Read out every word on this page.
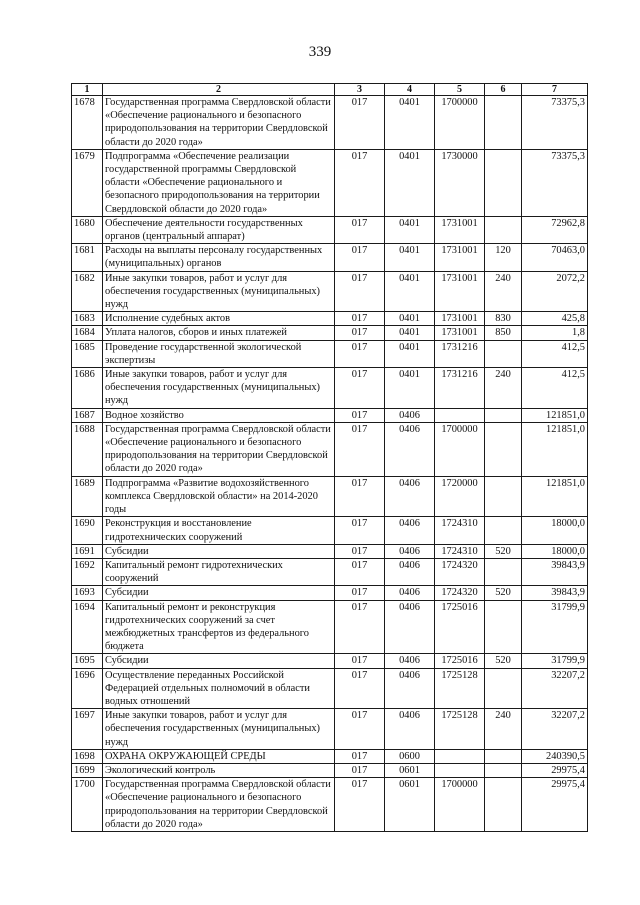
339
1	2	3	4	5	6	7
1678	Государственная программа Свердловской области «Обеспечение рационального и безопасного природопользования на территории Свердловской области до 2020 года»	017	0401	1700000		73375,3
1679	Подпрограмма «Обеспечение реализации государственной программы Свердловской области «Обеспечение рационального и безопасного природопользования на территории Свердловской области до 2020 года»	017	0401	1730000		73375,3
1680	Обеспечение деятельности государственных органов (центральный аппарат)	017	0401	1731001		72962,8
1681	Расходы на выплаты персоналу государственных (муниципальных) органов	017	0401	1731001	120	70463,0
1682	Иные закупки товаров, работ и услуг для обеспечения государственных (муниципальных) нужд	017	0401	1731001	240	2072,2
1683	Исполнение судебных актов	017	0401	1731001	830	425,8
1684	Уплата налогов, сборов и иных платежей	017	0401	1731001	850	1,8
1685	Проведение государственной экологической экспертизы	017	0401	1731216		412,5
1686	Иные закупки товаров, работ и услуг для обеспечения государственных (муниципальных) нужд	017	0401	1731216	240	412,5
1687	Водное хозяйство	017	0406			121851,0
1688	Государственная программа Свердловской области «Обеспечение рационального и безопасного природопользования на территории Свердловской области до 2020 года»	017	0406	1700000		121851,0
1689	Подпрограмма «Развитие водохозяйственного комплекса Свердловской области» на 2014-2020 годы	017	0406	1720000		121851,0
1690	Реконструкция и восстановление гидротехнических сооружений	017	0406	1724310		18000,0
1691	Субсидии	017	0406	1724310	520	18000,0
1692	Капитальный ремонт гидротехнических сооружений	017	0406	1724320		39843,9
1693	Субсидии	017	0406	1724320	520	39843,9
1694	Капитальный ремонт и реконструкция гидротехнических сооружений за счет межбюджетных трансфертов из федерального бюджета	017	0406	1725016		31799,9
1695	Субсидии	017	0406	1725016	520	31799,9
1696	Осуществление переданных Российской Федерацией отдельных полномочий в области водных отношений	017	0406	1725128		32207,2
1697	Иные закупки товаров, работ и услуг для обеспечения государственных (муниципальных) нужд	017	0406	1725128	240	32207,2
1698	ОХРАНА ОКРУЖАЮЩЕЙ СРЕДЫ	017	0600			240390,5
1699	Экологический контроль	017	0601			29975,4
1700	Государственная программа Свердловской области «Обеспечение рационального и безопасного природопользования на территории Свердловской области до 2020 года»	017	0601	1700000		29975,4
